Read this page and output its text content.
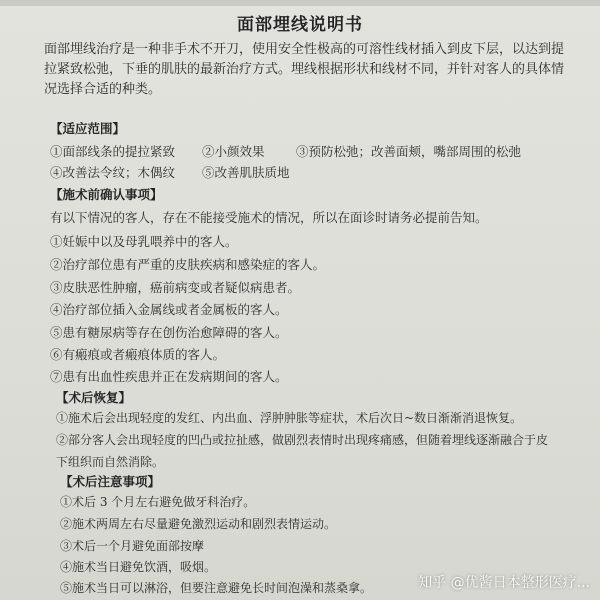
面部埋线说明书
面部埋线治疗是一种非手术不开刀，使用安全性极高的可溶性线材插入到皮下层，以达到提拉紧致松弛，下垂的肌肤的最新治疗方式。埋线根据形状和线材不同，并针对客人的具体情况选择合适的种类。
【适应范围】
①面部线条的提拉紧致 ②小颜效果	③预防松弛；改善面颊，嘴部周围的松弛
④改善法令纹；木偶纹 ⑤改善肌肤质地
【施术前确认事项】
有以下情况的客人，存在不能接受施术的情况，所以在面诊时请务必提前告知。
①妊娠中以及母乳喂养中的客人。
②治疗部位患有严重的皮肤疾病和感染症的客人。
③皮肤恶性肿瘤，癌前病变或者疑似病患者。
④治疗部位插入金属线或者金属板的客人。
⑤患有糖尿病等存在创伤治愈障碍的客人。
⑥有瘢痕或者瘢痕体质的客人。
⑦患有出血性疾患并正在发病期间的客人。
【术后恢复】
①施术后会出现轻度的发红、内出血、浮肿肿胀等症状，术后次日~数日渐渐消退恢复。
②部分客人会出现轻度的凹凸或拉扯感，做剧烈表情时出现疼痛感，但随着埋线逐渐融合于皮下组织而自然消除。
【术后注意事项】
①术后 3 个月左右避免做牙科治疗。
②施术两周左右尽量避免激烈运动和剧烈表情运动。
③术后一个月避免面部按摩
④施术当日避免饮酒，吸烟。
⑤施术当日可以淋浴，但要注意避免长时间泡澡和蒸桑拿。	知乎 @优酱日本整形医疗...
